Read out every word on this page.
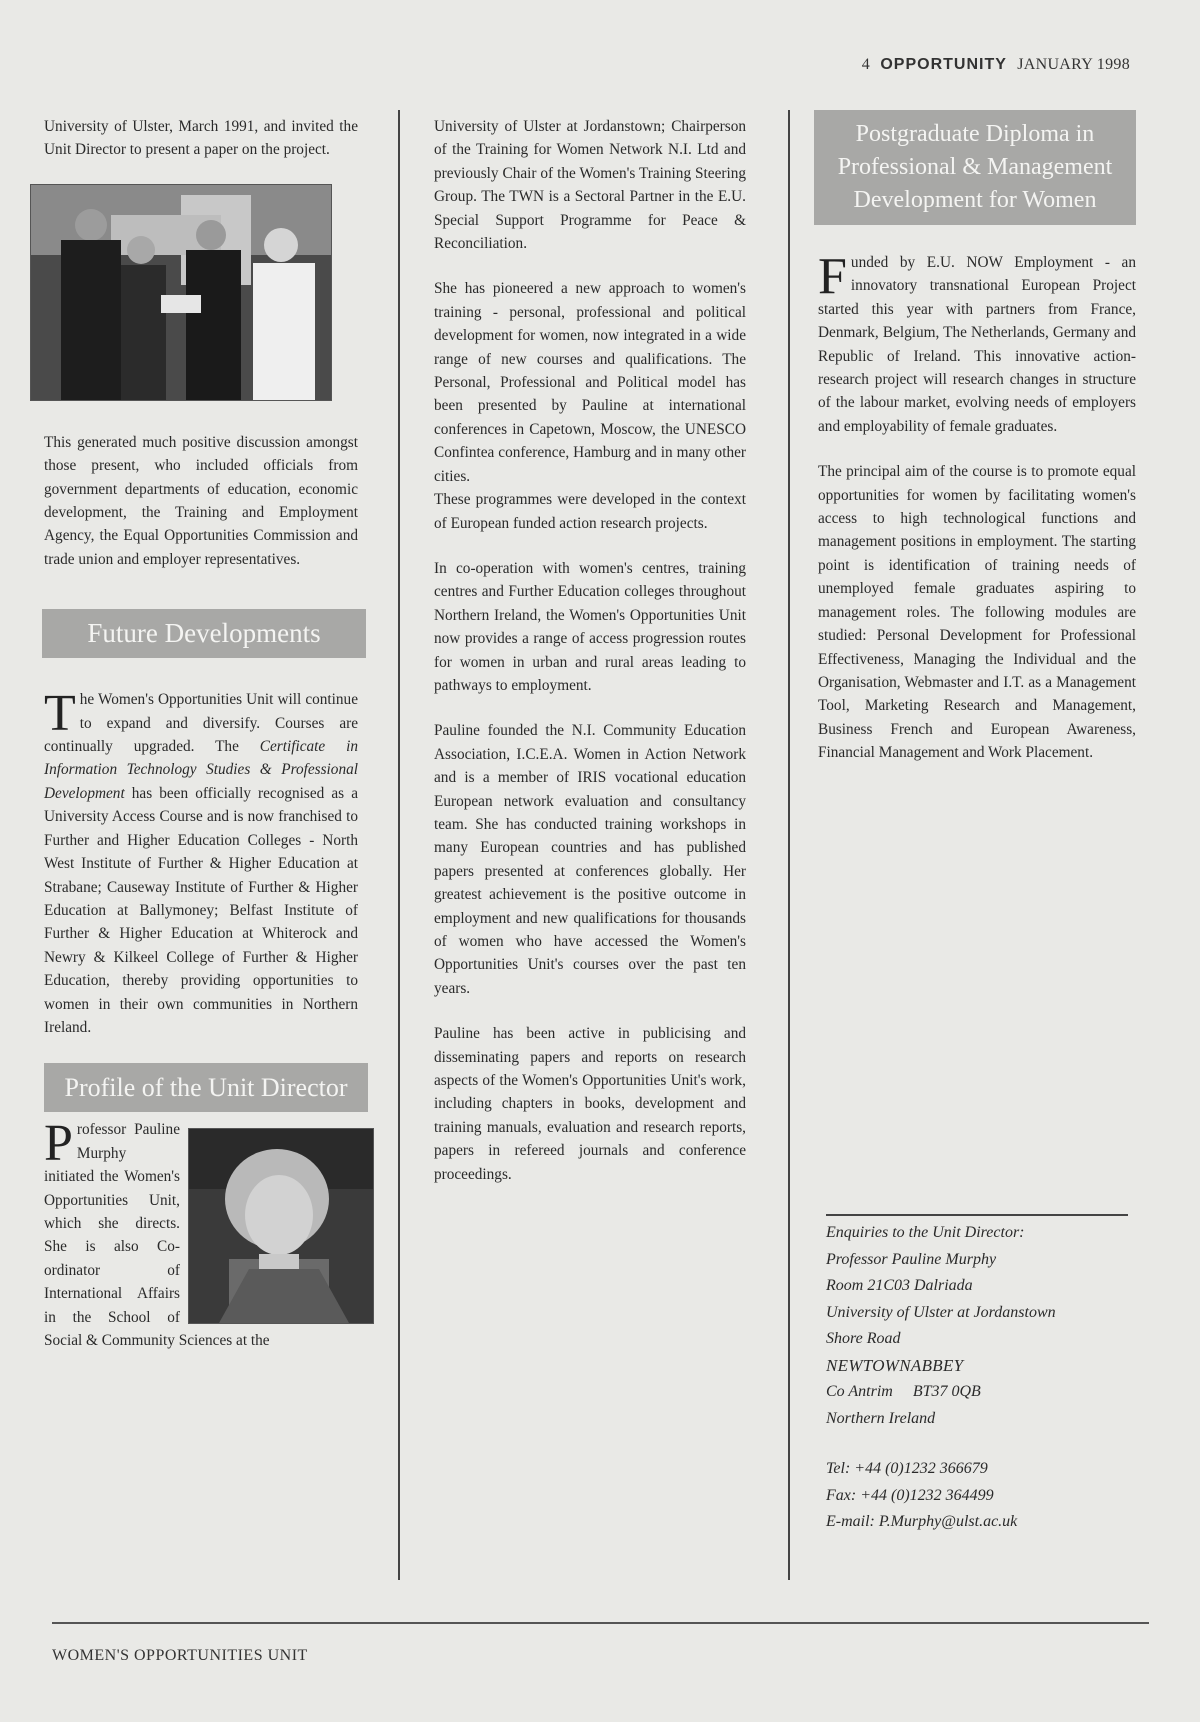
4 OPPORTUNITY JANUARY 1998

University of Ulster, March 1991, and invited the Unit Director to present a paper on the project.

This generated much positive discussion amongst those present, who included officials from government departments of education, economic development, the Training and Employment Agency, the Equal Opportunities Commission and trade union and employer representatives.

Future Developments

The Women's Opportunities Unit will continue to expand and diversify. Courses are continually upgraded. The Certificate in Information Technology Studies & Professional Development has been officially recognised as a University Access Course and is now franchised to Further and Higher Education Colleges - North West Institute of Further & Higher Education at Strabane; Causeway Institute of Further & Higher Education at Ballymoney; Belfast Institute of Further & Higher Education at Whiterock and Newry & Kilkeel College of Further & Higher Education, thereby providing opportunities to women in their own communities in Northern Ireland.

Profile of the Unit Director

Professor Pauline Murphy initiated the Women's Opportunities Unit, which she directs. She is also Co-ordinator of International Affairs in the School of Social & Community Sciences at the

University of Ulster at Jordanstown; Chairperson of the Training for Women Network N.I. Ltd and previously Chair of the Women's Training Steering Group. The TWN is a Sectoral Partner in the E.U. Special Support Programme for Peace & Reconciliation.

She has pioneered a new approach to women's training - personal, professional and political development for women, now integrated in a wide range of new courses and qualifications. The Personal, Professional and Political model has been presented by Pauline at international conferences in Capetown, Moscow, the UNESCO Confintea conference, Hamburg and in many other cities.

These programmes were developed in the context of European funded action research projects.

In co-operation with women's centres, training centres and Further Education colleges throughout Northern Ireland, the Women's Opportunities Unit now provides a range of access progression routes for women in urban and rural areas leading to pathways to employment.

Pauline founded the N.I. Community Education Association, I.C.E.A. Women in Action Network and is a member of IRIS vocational education European network evaluation and consultancy team. She has conducted training workshops in many European countries and has published papers presented at conferences globally. Her greatest achievement is the positive outcome in employment and new qualifications for thousands of women who have accessed the Women's Opportunities Unit's courses over the past ten years.

Pauline has been active in publicising and disseminating papers and reports on research aspects of the Women's Opportunities Unit's work, including chapters in books, development and training manuals, evaluation and research reports, papers in refereed journals and conference proceedings.

Postgraduate Diploma in Professional & Management Development for Women

Funded by E.U. NOW Employment - an innovatory transnational European Project started this year with partners from France, Denmark, Belgium, The Netherlands, Germany and Republic of Ireland. This innovative action-research project will research changes in structure of the labour market, evolving needs of employers and employability of female graduates.

The principal aim of the course is to promote equal opportunities for women by facilitating women's access to high technological functions and management positions in employment. The starting point is identification of training needs of unemployed female graduates aspiring to management roles. The following modules are studied: Personal Development for Professional Effectiveness, Managing the Individual and the Organisation, Webmaster and I.T. as a Management Tool, Marketing Research and Management, Business French and European Awareness, Financial Management and Work Placement.

Enquiries to the Unit Director:
Professor Pauline Murphy
Room 21C03 Dalriada
University of Ulster at Jordanstown
Shore Road
NEWTOWNABBEY
Co Antrim     BT37 0QB
Northern Ireland
Tel: +44 (0)1232 366679
Fax: +44 (0)1232 364499
E-mail: P.Murphy@ulst.ac.uk
WOMEN'S OPPORTUNITIES UNIT
